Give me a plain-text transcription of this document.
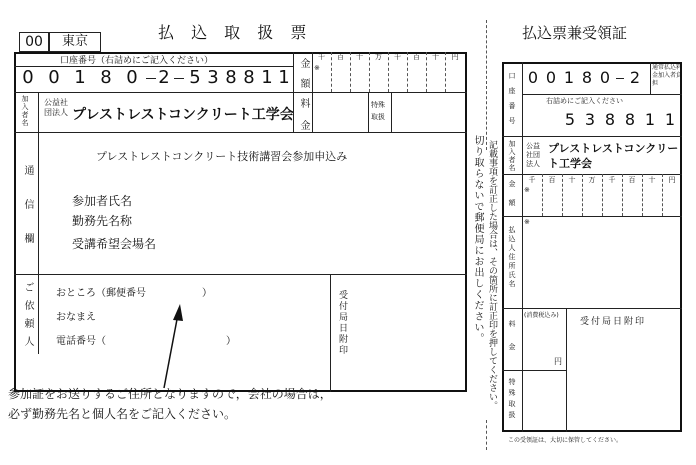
払 込 取 扱 票
00	東京
口座番号（右詰めにご記入ください）
0 0 1 8 0	2 5 3 8 8 1 1
加入者名 公益社団法人 プレストレストコンクリート工学会
金額
料金
千	百	十	万	千	百	十	円
※
特殊取扱
通信欄
プレストレストコンクリート技術講習会参加申込み
参加者氏名
勤務先名称
受講希望会場名
ご依頼人 おところ（郵便番号	）
おなまえ
電話番号（	）	受付局日附印
参加証をお送りするご住所となりますので，会社の場合は，必ず勤務先名と個人名をご記入ください。
切り取らないで郵便局にお出しください。 記載事項を訂正した場合は、その箇所に訂正印を押してください。
払込票兼受領証
口座番号 0 0 1 8 0 2
通常払込料金加入者負担
右詰めにご記入ください
5 3 8 8 1 1
加入者名 公益社団法人
プレストレストコンクリート工学会
金額	千	百	十	万	千	百	十	円
※
払込人住所氏名
※
料金
(消費税込み)
円
受付局日附印
特殊取扱
この受領証は、大切に保管してください。
